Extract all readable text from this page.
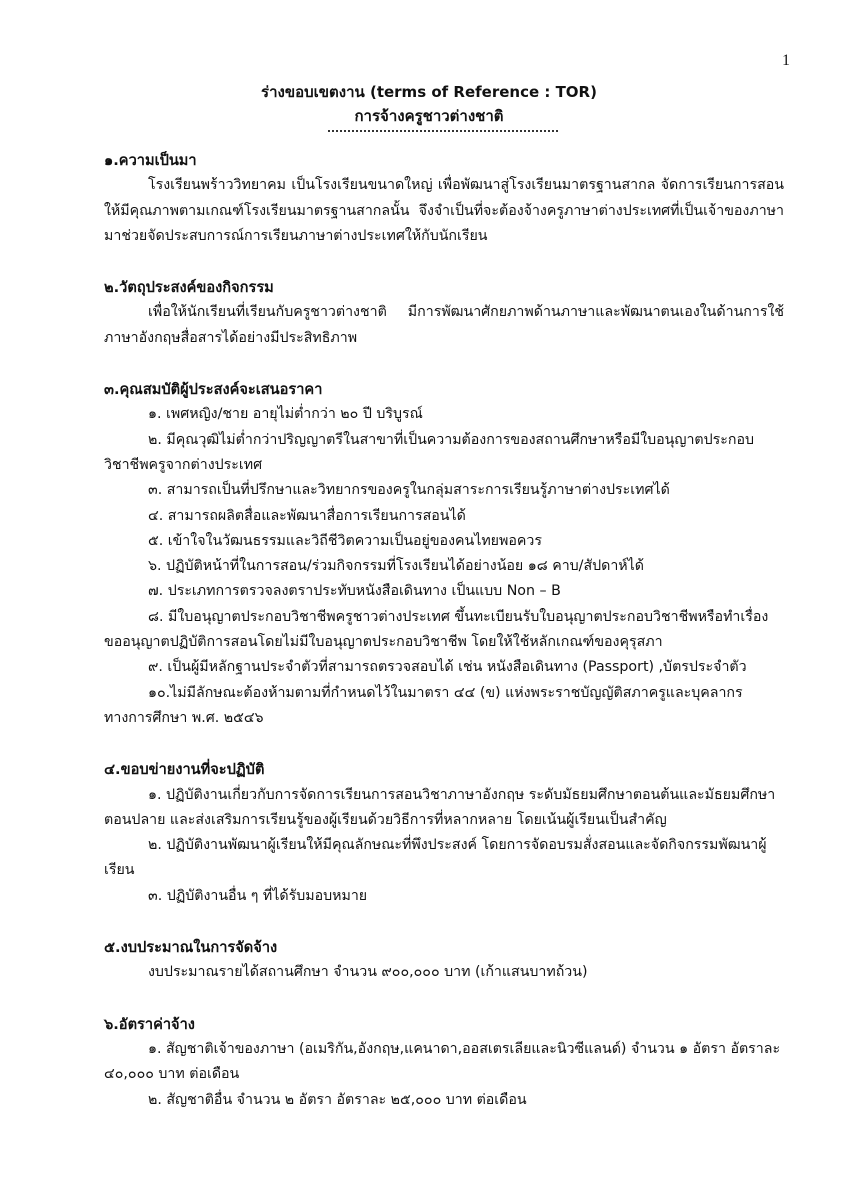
1
ร่างขอบเขตงาน (terms of Reference : TOR)
การจ้างครูชาวต่างชาติ
๑.ความเป็นมา
โรงเรียนพร้าววิทยาคม เป็นโรงเรียนขนาดใหญ่ เพื่อพัฒนาสู่โรงเรียนมาตรฐานสากล จัดการเรียนการสอนให้มีคุณภาพตามเกณฑ์โรงเรียนมาตรฐานสากลนั้น จึงจำเป็นที่จะต้องจ้างครูภาษาต่างประเทศที่เป็นเจ้าของภาษามาช่วยจัดประสบการณ์การเรียนภาษาต่างประเทศให้กับนักเรียน
๒.วัตถุประสงค์ของกิจกรรม
เพื่อให้นักเรียนที่เรียนกับครูชาวต่างชาติ มีการพัฒนาศักยภาพด้านภาษาและพัฒนาตนเองในด้านการใช้ภาษาอังกฤษสื่อสารได้อย่างมีประสิทธิภาพ
๓.คุณสมบัติผู้ประสงค์จะเสนอราคา
๑. เพศหญิง/ชาย อายุไม่ต่ำกว่า ๒๐ ปี บริบูรณ์
๒. มีคุณวุฒิไม่ต่ำกว่าปริญญาตรีในสาขาที่เป็นความต้องการของสถานศึกษาหรือมีใบอนุญาตประกอบวิชาชีพครูจากต่างประเทศ
๓. สามารถเป็นที่ปรึกษาและวิทยากรของครูในกลุ่มสาระการเรียนรู้ภาษาต่างประเทศได้
๔. สามารถผลิตสื่อและพัฒนาสื่อการเรียนการสอนได้
๕. เข้าใจในวัฒนธรรมและวิถีชีวิตความเป็นอยู่ของคนไทยพอควร
๖. ปฏิบัติหน้าที่ในการสอน/ร่วมกิจกรรมที่โรงเรียนได้อย่างน้อย ๑๘ คาบ/สัปดาห์ได้
๗. ประเภทการตรวจลงตราประทับหนังสือเดินทาง เป็นแบบ Non – B
๘. มีใบอนุญาตประกอบวิชาชีพครูชาวต่างประเทศ ขึ้นทะเบียนรับใบอนุญาตประกอบวิชาชีพหรือทำเรื่องขออนุญาตปฏิบัติการสอนโดยไม่มีใบอนุญาตประกอบวิชาชีพ โดยให้ใช้หลักเกณฑ์ของคุรุสภา
๙. เป็นผู้มีหลักฐานประจำตัวที่สามารถตรวจสอบได้ เช่น หนังสือเดินทาง (Passport) ,บัตรประจำตัว
๑๐.ไม่มีลักษณะต้องห้ามตามที่กำหนดไว้ในมาตรา ๔๔ (ข) แห่งพระราชบัญญัติสภาครูและบุคลากรทางการศึกษา พ.ศ. ๒๕๔๖
๔.ขอบข่ายงานที่จะปฏิบัติ
๑. ปฏิบัติงานเกี่ยวกับการจัดการเรียนการสอนวิชาภาษาอังกฤษ ระดับมัธยมศึกษาตอนต้นและมัธยมศึกษาตอนปลาย และส่งเสริมการเรียนรู้ของผู้เรียนด้วยวิธีการที่หลากหลาย โดยเน้นผู้เรียนเป็นสำคัญ
๒. ปฏิบัติงานพัฒนาผู้เรียนให้มีคุณลักษณะที่พึงประสงค์ โดยการจัดอบรมสั่งสอนและจัดกิจกรรมพัฒนาผู้เรียน
๓. ปฏิบัติงานอื่น ๆ ที่ได้รับมอบหมาย
๕.งบประมาณในการจัดจ้าง
งบประมาณรายได้สถานศึกษา จำนวน ๙๐๐,๐๐๐ บาท (เก้าแสนบาทถ้วน)
๖.อัตราค่าจ้าง
๑. สัญชาติเจ้าของภาษา (อเมริกัน,อังกฤษ,แคนาดา,ออสเตรเลียและนิวซีแลนด์) จำนวน ๑ อัตรา อัตราละ ๔๐,๐๐๐ บาท ต่อเดือน
๒. สัญชาติอื่น จำนวน ๒ อัตรา อัตราละ ๒๕,๐๐๐ บาท ต่อเดือน
